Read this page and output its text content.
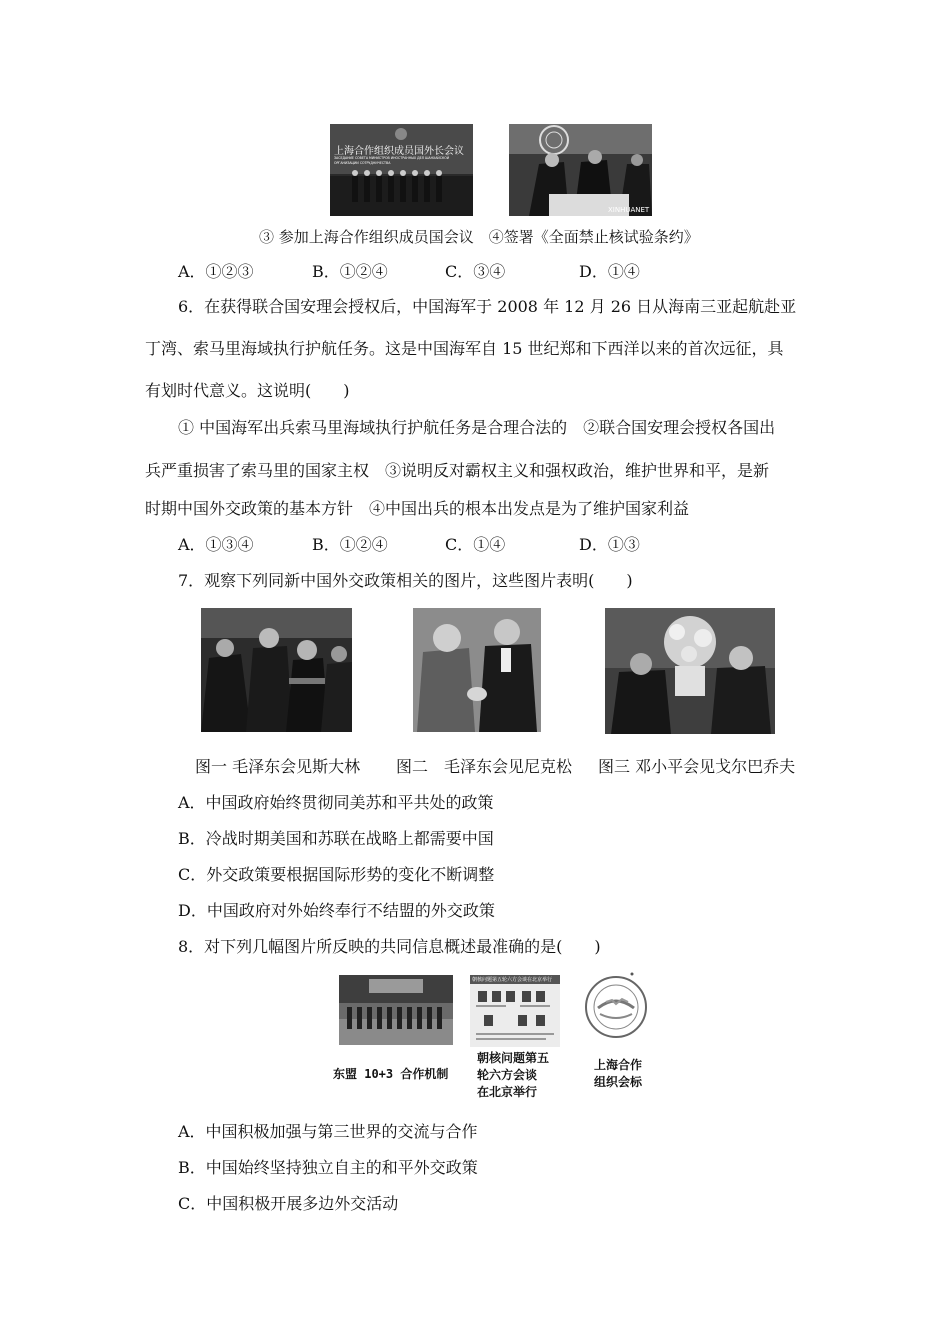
上海合作组织成员国外长会议
ЗАСЕДАНИЕ СОВЕТА МИНИСТРОВ ИНОСТРАННЫХ ДЕЛ ШАНХАЙСКОЙ ОРГАНИЗАЦИИ СОТРУДНИЧЕСТВА
XINHUANET
③ 参加上海合作组织成员国会议　④签署《全面禁止核试验条约》
A．①②③	B．①②④	C．③④	D．①④
6．在获得联合国安理会授权后，中国海军于 2008 年 12 月 26 日从海南三亚起航赴亚
丁湾、索马里海域执行护航任务。这是中国海军自 15 世纪郑和下西洋以来的首次远征，具
有划时代意义。这说明(　　)
① 中国海军出兵索马里海域执行护航任务是合理合法的　②联合国安理会授权各国出
兵严重损害了索马里的国家主权　③说明反对霸权主义和强权政治，维护世界和平，是新
时期中国外交政策的基本方针　④中国出兵的根本出发点是为了维护国家利益
A．①③④	B．①②④	C．①④	D．①③
7．观察下列同新中国外交政策相关的图片，这些图片表明(　　)
图一 毛泽东会见斯大林 图二　毛泽东会见尼克松 图三 邓小平会见戈尔巴乔夫
A．中国政府始终贯彻同美苏和平共处的政策
B．冷战时期美国和苏联在战略上都需要中国
C．外交政策要根据国际形势的变化不断调整
D．中国政府对外始终奉行不结盟的外交政策
8．对下列几幅图片所反映的共同信息概述最准确的是(　　)
朝核问题第五轮六方会谈在北京举行
东盟 10+3 合作机制
朝核问题第五
轮六方会谈
在北京举行
上海合作
组织会标
A．中国积极加强与第三世界的交流与合作
B．中国始终坚持独立自主的和平外交政策
C．中国积极开展多边外交活动
